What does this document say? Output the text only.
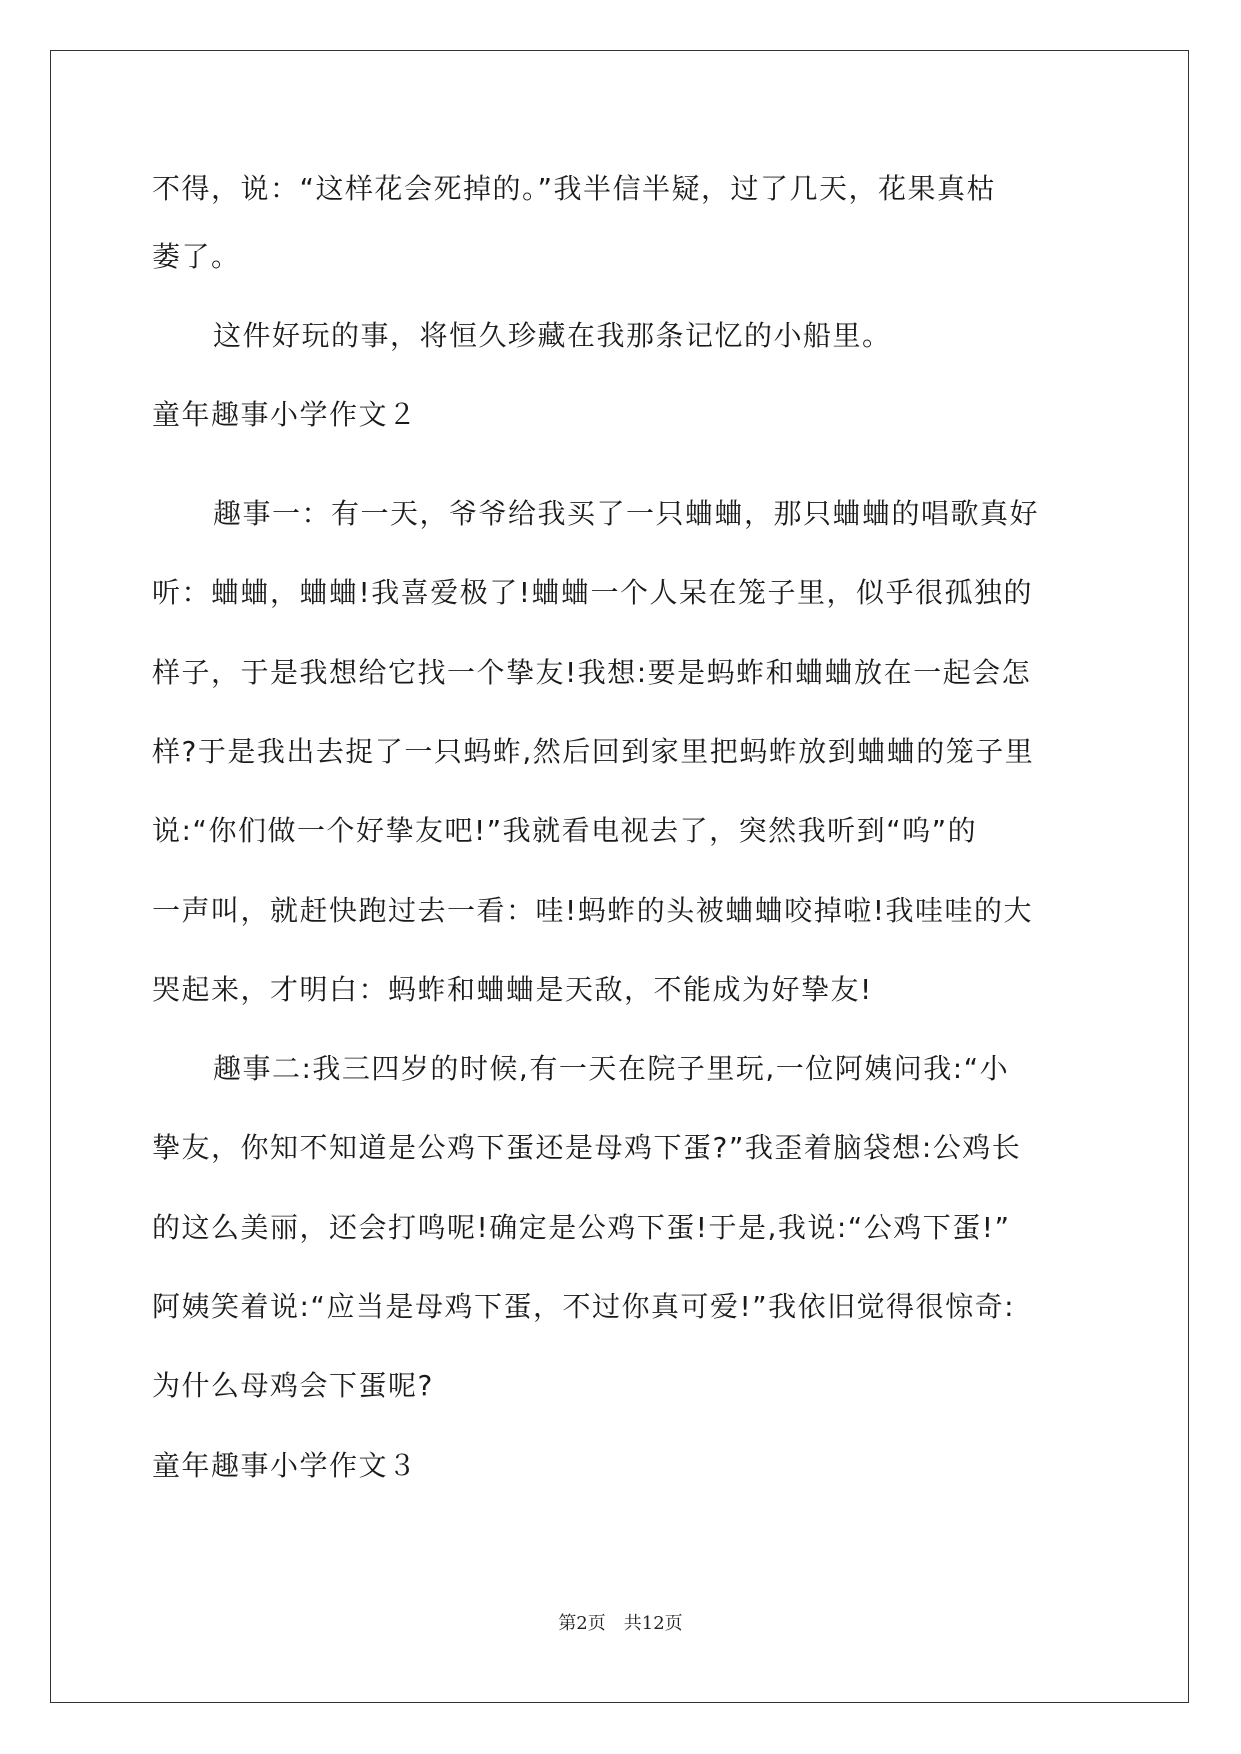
不得，说：“这样花会死掉的。”我半信半疑，过了几天，花果真枯
萎了。
这件好玩的事，将恒久珍藏在我那条记忆的小船里。
童年趣事小学作文２
趣事一：有一天，爷爷给我买了一只蛐蛐，那只蛐蛐的唱歌真好
听：蛐蛐，蛐蛐!我喜爱极了!蛐蛐一个人呆在笼子里，似乎很孤独的
样子，于是我想给它找一个挚友!我想:要是蚂蚱和蛐蛐放在一起会怎
样?于是我出去捉了一只蚂蚱,然后回到家里把蚂蚱放到蛐蛐的笼子里
说:“你们做一个好挚友吧!”我就看电视去了，突然我听到“呜”的
一声叫，就赶快跑过去一看：哇!蚂蚱的头被蛐蛐咬掉啦!我哇哇的大
哭起来，才明白：蚂蚱和蛐蛐是天敌，不能成为好挚友!
趣事二:我三四岁的时候,有一天在院子里玩,一位阿姨问我:“小
挚友，你知不知道是公鸡下蛋还是母鸡下蛋?”我歪着脑袋想:公鸡长
的这么美丽，还会打鸣呢!确定是公鸡下蛋!于是,我说:“公鸡下蛋!”
阿姨笑着说:“应当是母鸡下蛋，不过你真可爱!”我依旧觉得很惊奇:
为什么母鸡会下蛋呢?
童年趣事小学作文３
第2页　共12页
